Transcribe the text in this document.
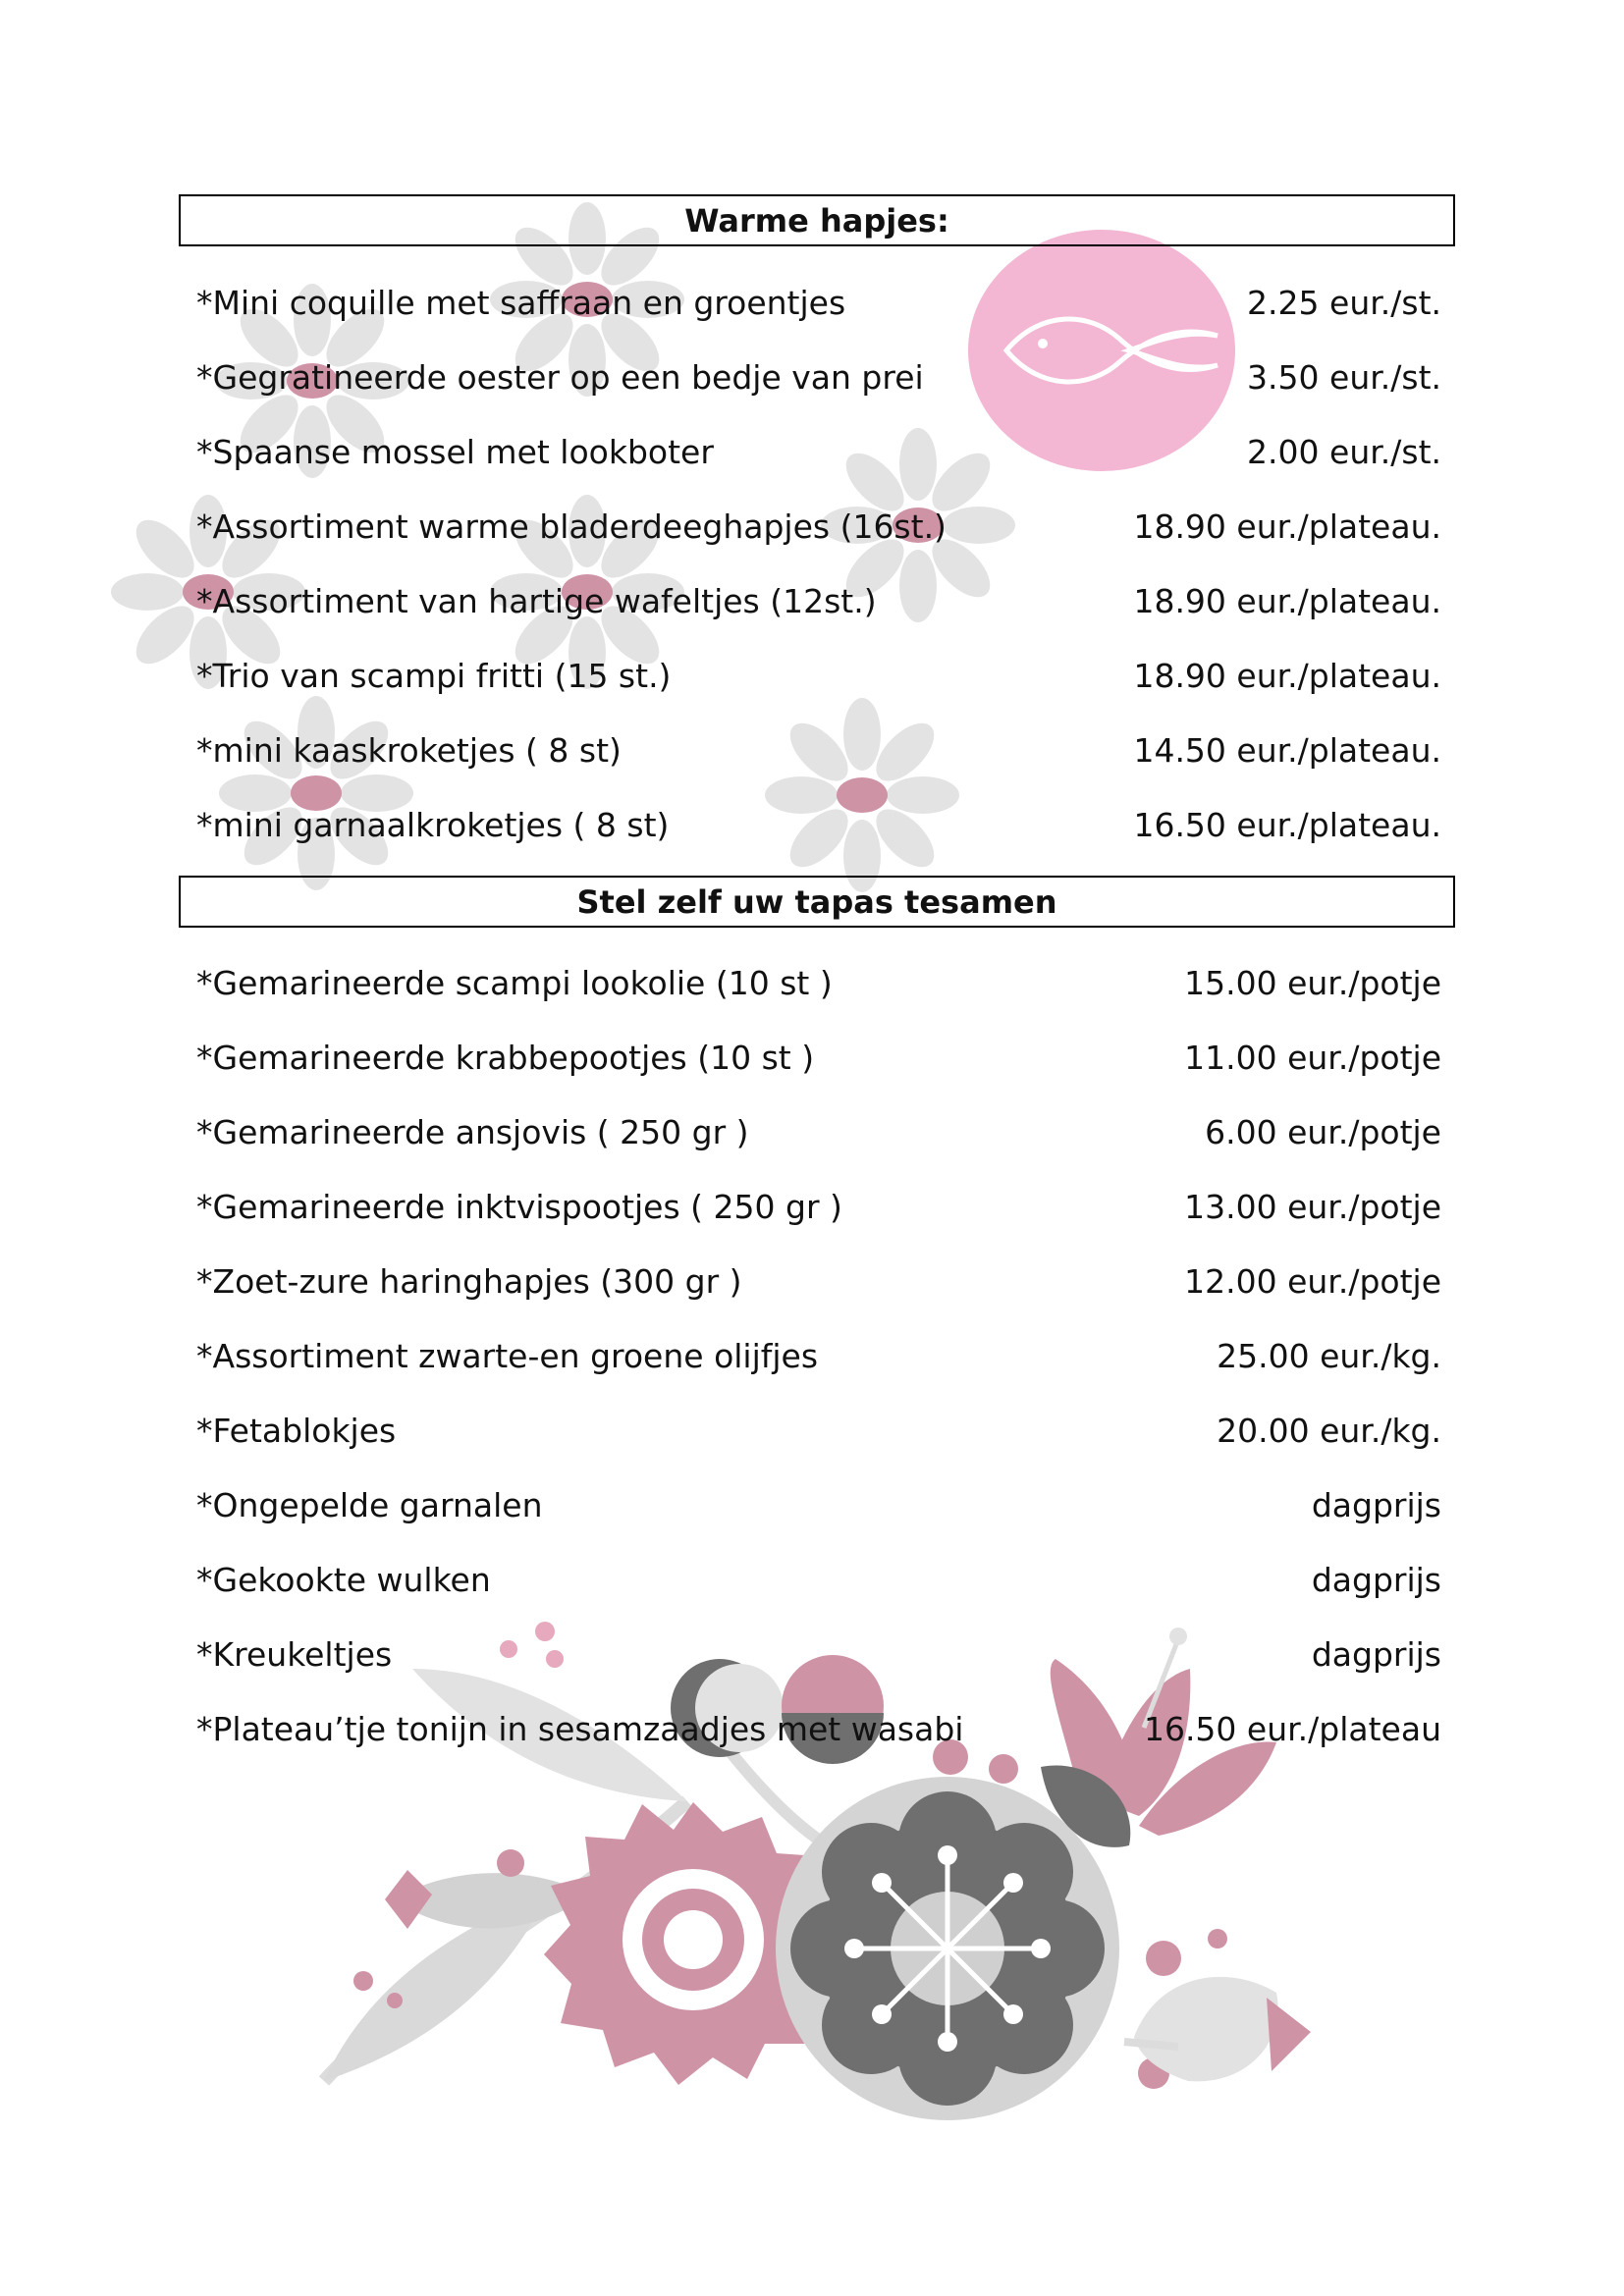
Warme hapjes:
*Mini coquille met saffraan en groentjes	2.25 eur./st.
*Gegratineerde oester op een bedje van prei	3.50 eur./st.
*Spaanse mossel met lookboter	2.00 eur./st.
*Assortiment warme bladerdeeghapjes (16st.)	18.90 eur./plateau.
*Assortiment van hartige wafeltjes (12st.)	18.90 eur./plateau.
*Trio van scampi fritti (15 st.)	18.90 eur./plateau.
*mini kaaskroketjes ( 8 st)	14.50 eur./plateau.
*mini garnaalkroketjes ( 8 st)	16.50 eur./plateau.
Stel zelf uw tapas tesamen
*Gemarineerde scampi lookolie (10 st )	15.00 eur./potje
*Gemarineerde krabbepootjes (10 st )	11.00 eur./potje
*Gemarineerde ansjovis ( 250 gr )	6.00 eur./potje
*Gemarineerde inktvispootjes ( 250 gr )	13.00 eur./potje
*Zoet-zure haringhapjes (300 gr )	12.00 eur./potje
*Assortiment zwarte-en groene olijfjes	25.00 eur./kg.
*Fetablokjes	20.00 eur./kg.
*Ongepelde garnalen	dagprijs
*Gekookte wulken	dagprijs
*Kreukeltjes	dagprijs
*Plateau’tje tonijn in sesamzaadjes met wasabi	16.50 eur./plateau
